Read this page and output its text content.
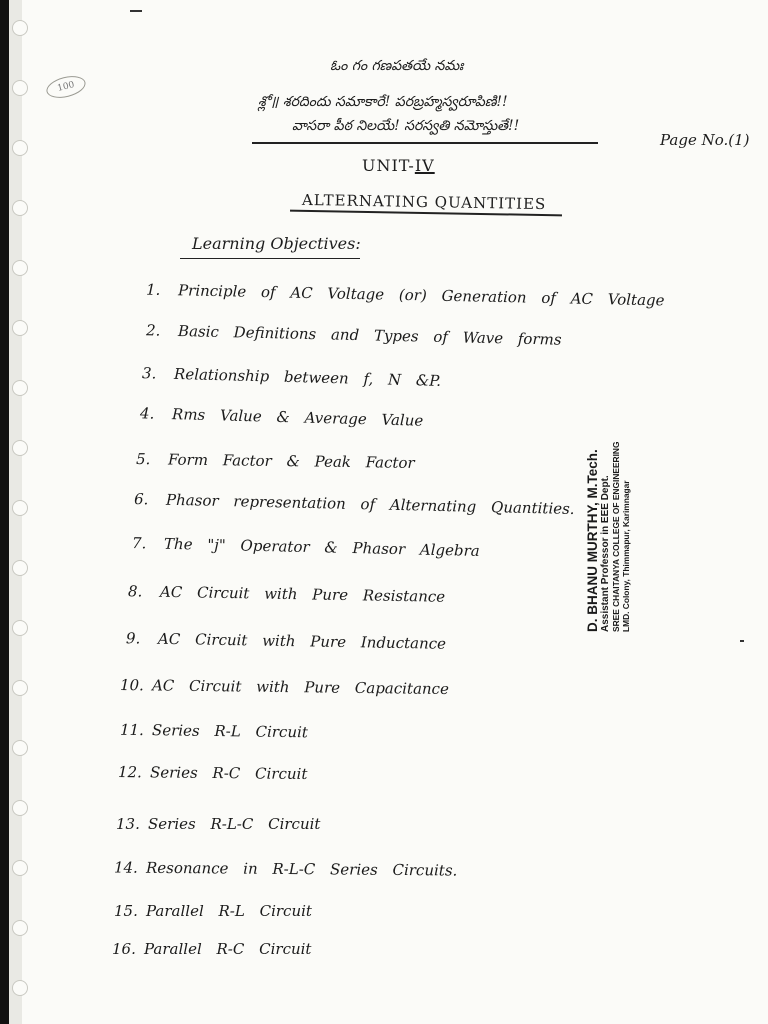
100
ఓం గం గణపతయే నమః
శ్లో॥ శరదిందు సమాకారే! పరబ్రహ్మస్వరూపిణి!!
వాసరా పీఠ నిలయే! సరస్వతి నమోస్తుతే!!
Page No.(1)
UNIT-IV
ALTERNATING QUANTITIES
Learning Objectives:
1. Principle of AC Voltage (or) Generation of AC Voltage
2. Basic Definitions and Types of Wave forms
3. Relationship between f, N &P.
4. Rms Value & Average Value
5. Form Factor & Peak Factor
6. Phasor representation of Alternating Quantities.
7. The "j" Operator & Phasor Algebra
8. AC Circuit with Pure Resistance
9. AC Circuit with Pure Inductance
10. AC Circuit with Pure Capacitance
11. Series R-L Circuit
12. Series R-C Circuit
13. Series R-L-C Circuit
14. Resonance in R-L-C Series Circuits.
15. Parallel R-L Circuit
16. Parallel R-C Circuit
D. BHANU MURTHY, M.Tech. Assistant Professor in EEE Dept. SREE CHAITANYA COLLEGE OF ENGINEERING LMD. Colony, Thimmapur, Karimnagar
